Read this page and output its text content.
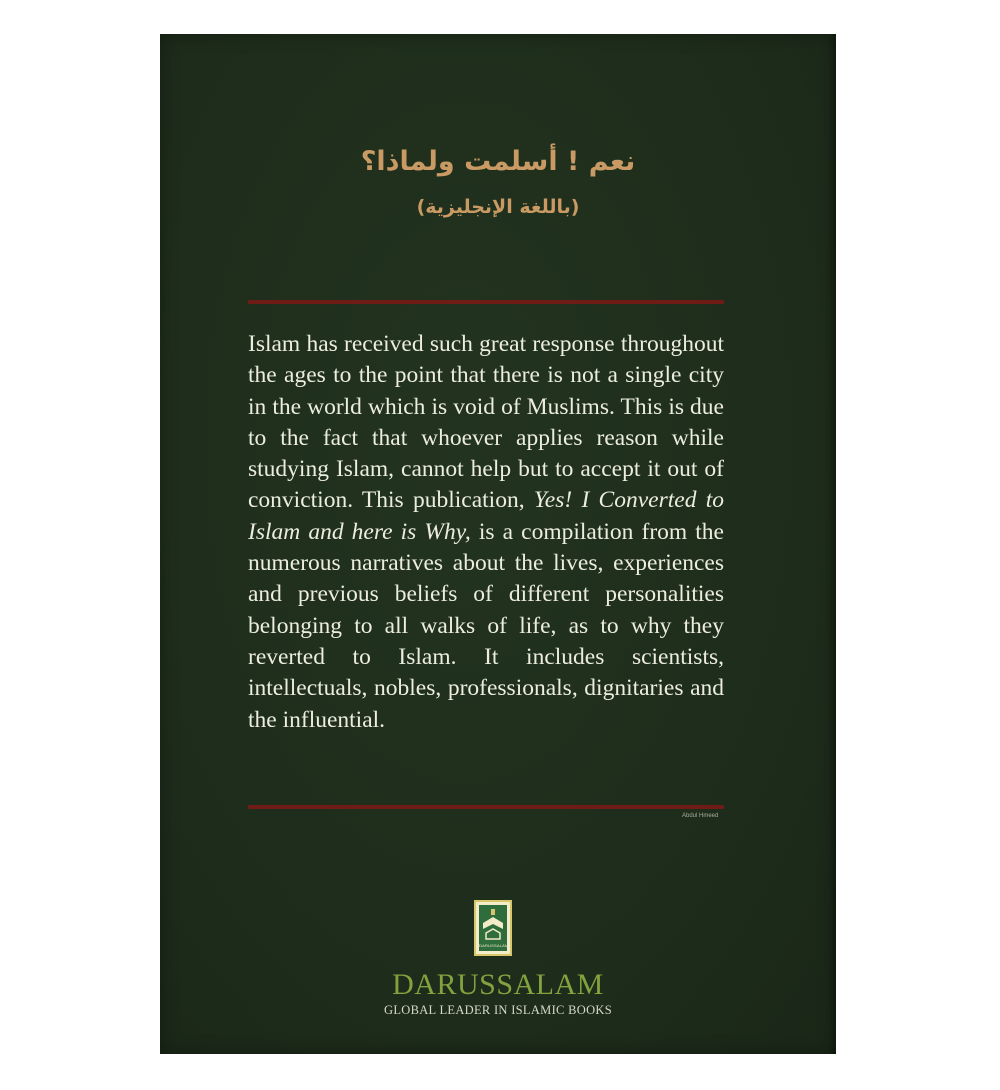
نعم ! أسلمت ولماذا؟
(باللغة الإنجليزية)
Islam has received such great response throughout the ages to the point that there is not a single city in the world which is void of Muslims. This is due to the fact that whoever applies reason while studying Islam, cannot help but to accept it out of conviction. This publication, Yes! I Converted to Islam and here is Why, is a compilation from the numerous narratives about the lives, experiences and previous beliefs of different personalities belonging to all walks of life, as to why they reverted to Islam. It includes scientists, intellectuals, nobles, professionals, dignitaries and the influential.
Abdul Hmeed
DARUSSALAM
DARUSSALAM
GLOBAL LEADER IN ISLAMIC BOOKS
